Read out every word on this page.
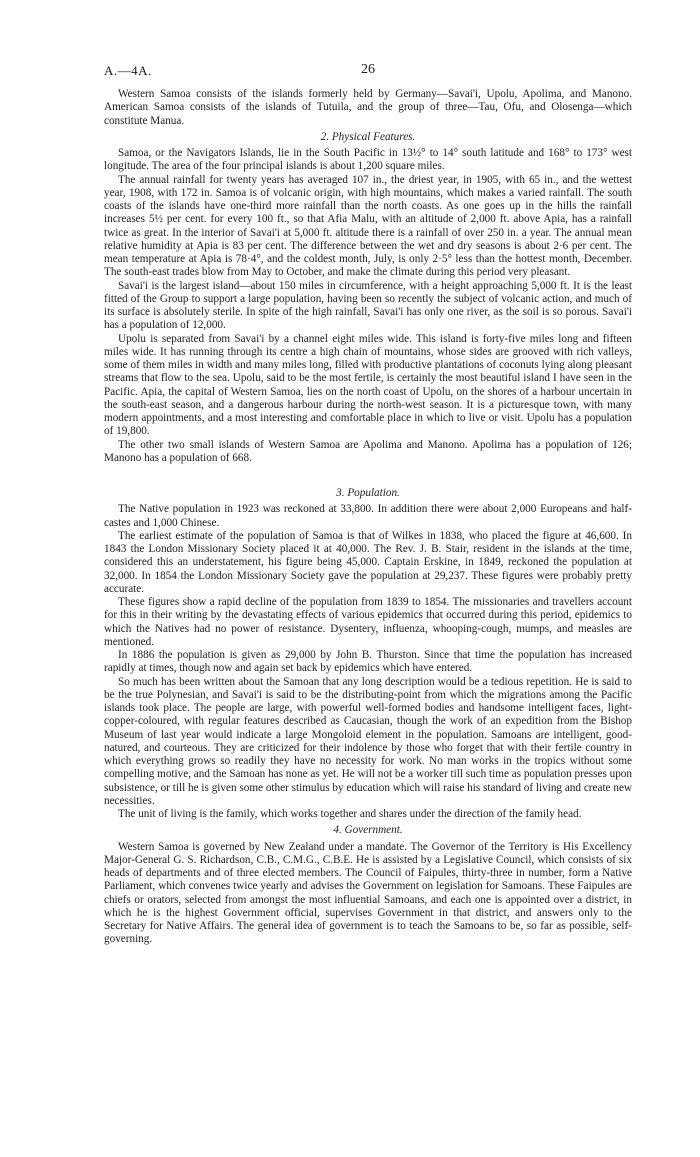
A.—4A.	26

Western Samoa consists of the islands formerly held by Germany—Savai'i, Upolu, Apolima, and Manono. American Samoa consists of the islands of Tutuila, and the group of three—Tau, Ofu, and Olosenga—which constitute Manua.

2. Physical Features.

Samoa, or the Navigators Islands, lie in the South Pacific in 13½° to 14° south latitude and 168° to 173° west longitude. The area of the four principal islands is about 1,200 square miles.

The annual rainfall for twenty years has averaged 107 in., the driest year, in 1905, with 65 in., and the wettest year, 1908, with 172 in. Samoa is of volcanic origin, with high mountains, which makes a varied rainfall. The south coasts of the islands have one-third more rainfall than the north coasts. As one goes up in the hills the rainfall increases 5½ per cent. for every 100 ft., so that Afia Malu, with an altitude of 2,000 ft. above Apia, has a rainfall twice as great. In the interior of Savai'i at 5,000 ft. altitude there is a rainfall of over 250 in. a year. The annual mean relative humidity at Apia is 83 per cent. The difference between the wet and dry seasons is about 2·6 per cent. The mean temperature at Apia is 78·4°, and the coldest month, July, is only 2·5° less than the hottest month, December. The south-east trades blow from May to October, and make the climate during this period very pleasant.

Savai'i is the largest island—about 150 miles in circumference, with a height approaching 5,000 ft. It is the least fitted of the Group to support a large population, having been so recently the subject of volcanic action, and much of its surface is absolutely sterile. In spite of the high rainfall, Savai'i has only one river, as the soil is so porous. Savai'i has a population of 12,000.

Upolu is separated from Savai'i by a channel eight miles wide. This island is forty-five miles long and fifteen miles wide. It has running through its centre a high chain of mountains, whose sides are grooved with rich valleys, some of them miles in width and many miles long, filled with productive plantations of coconuts lying along pleasant streams that flow to the sea. Upolu, said to be the most fertile, is certainly the most beautiful island I have seen in the Pacific. Apia, the capital of Western Samoa, lies on the north coast of Upolu, on the shores of a harbour uncertain in the south-east season, and a dangerous harbour during the north-west season. It is a picturesque town, with many modern appointments, and a most interesting and comfortable place in which to live or visit. Upolu has a population of 19,800.

The other two small islands of Western Samoa are Apolima and Manono. Apolima has a population of 126; Manono has a population of 668.

3. Population.

The Native population in 1923 was reckoned at 33,800. In addition there were about 2,000 Europeans and half-castes and 1,000 Chinese.

The earliest estimate of the population of Samoa is that of Wilkes in 1838, who placed the figure at 46,600. In 1843 the London Missionary Society placed it at 40,000. The Rev. J. B. Stair, resident in the islands at the time, considered this an understatement, his figure being 45,000. Captain Erskine, in 1849, reckoned the population at 32,000. In 1854 the London Missionary Society gave the population at 29,237. These figures were probably pretty accurate.

These figures show a rapid decline of the population from 1839 to 1854. The missionaries and travellers account for this in their writing by the devastating effects of various epidemics that occurred during this period, epidemics to which the Natives had no power of resistance. Dysentery, influenza, whooping-cough, mumps, and measles are mentioned.

In 1886 the population is given as 29,000 by John B. Thurston. Since that time the population has increased rapidly at times, though now and again set back by epidemics which have entered.

So much has been written about the Samoan that any long description would be a tedious repetition. He is said to be the true Polynesian, and Savai'i is said to be the distributing-point from which the migrations among the Pacific islands took place. The people are large, with powerful well-formed bodies and handsome intelligent faces, light-copper-coloured, with regular features described as Caucasian, though the work of an expedition from the Bishop Museum of last year would indicate a large Mongoloid element in the population. Samoans are intelligent, good-natured, and courteous. They are criticized for their indolence by those who forget that with their fertile country in which everything grows so readily they have no necessity for work. No man works in the tropics without some compelling motive, and the Samoan has none as yet. He will not be a worker till such time as population presses upon subsistence, or till he is given some other stimulus by education which will raise his standard of living and create new necessities.

The unit of living is the family, which works together and shares under the direction of the family head.

4. Government.

Western Samoa is governed by New Zealand under a mandate. The Governor of the Territory is His Excellency Major-General G. S. Richardson, C.B., C.M.G., C.B.E. He is assisted by a Legislative Council, which consists of six heads of departments and of three elected members. The Council of Faipules, thirty-three in number, form a Native Parliament, which convenes twice yearly and advises the Government on legislation for Samoans. These Faipules are chiefs or orators, selected from amongst the most influential Samoans, and each one is appointed over a district, in which he is the highest Government official, supervises Government in that district, and answers only to the Secretary for Native Affairs. The general idea of government is to teach the Samoans to be, so far as possible, self-governing.
